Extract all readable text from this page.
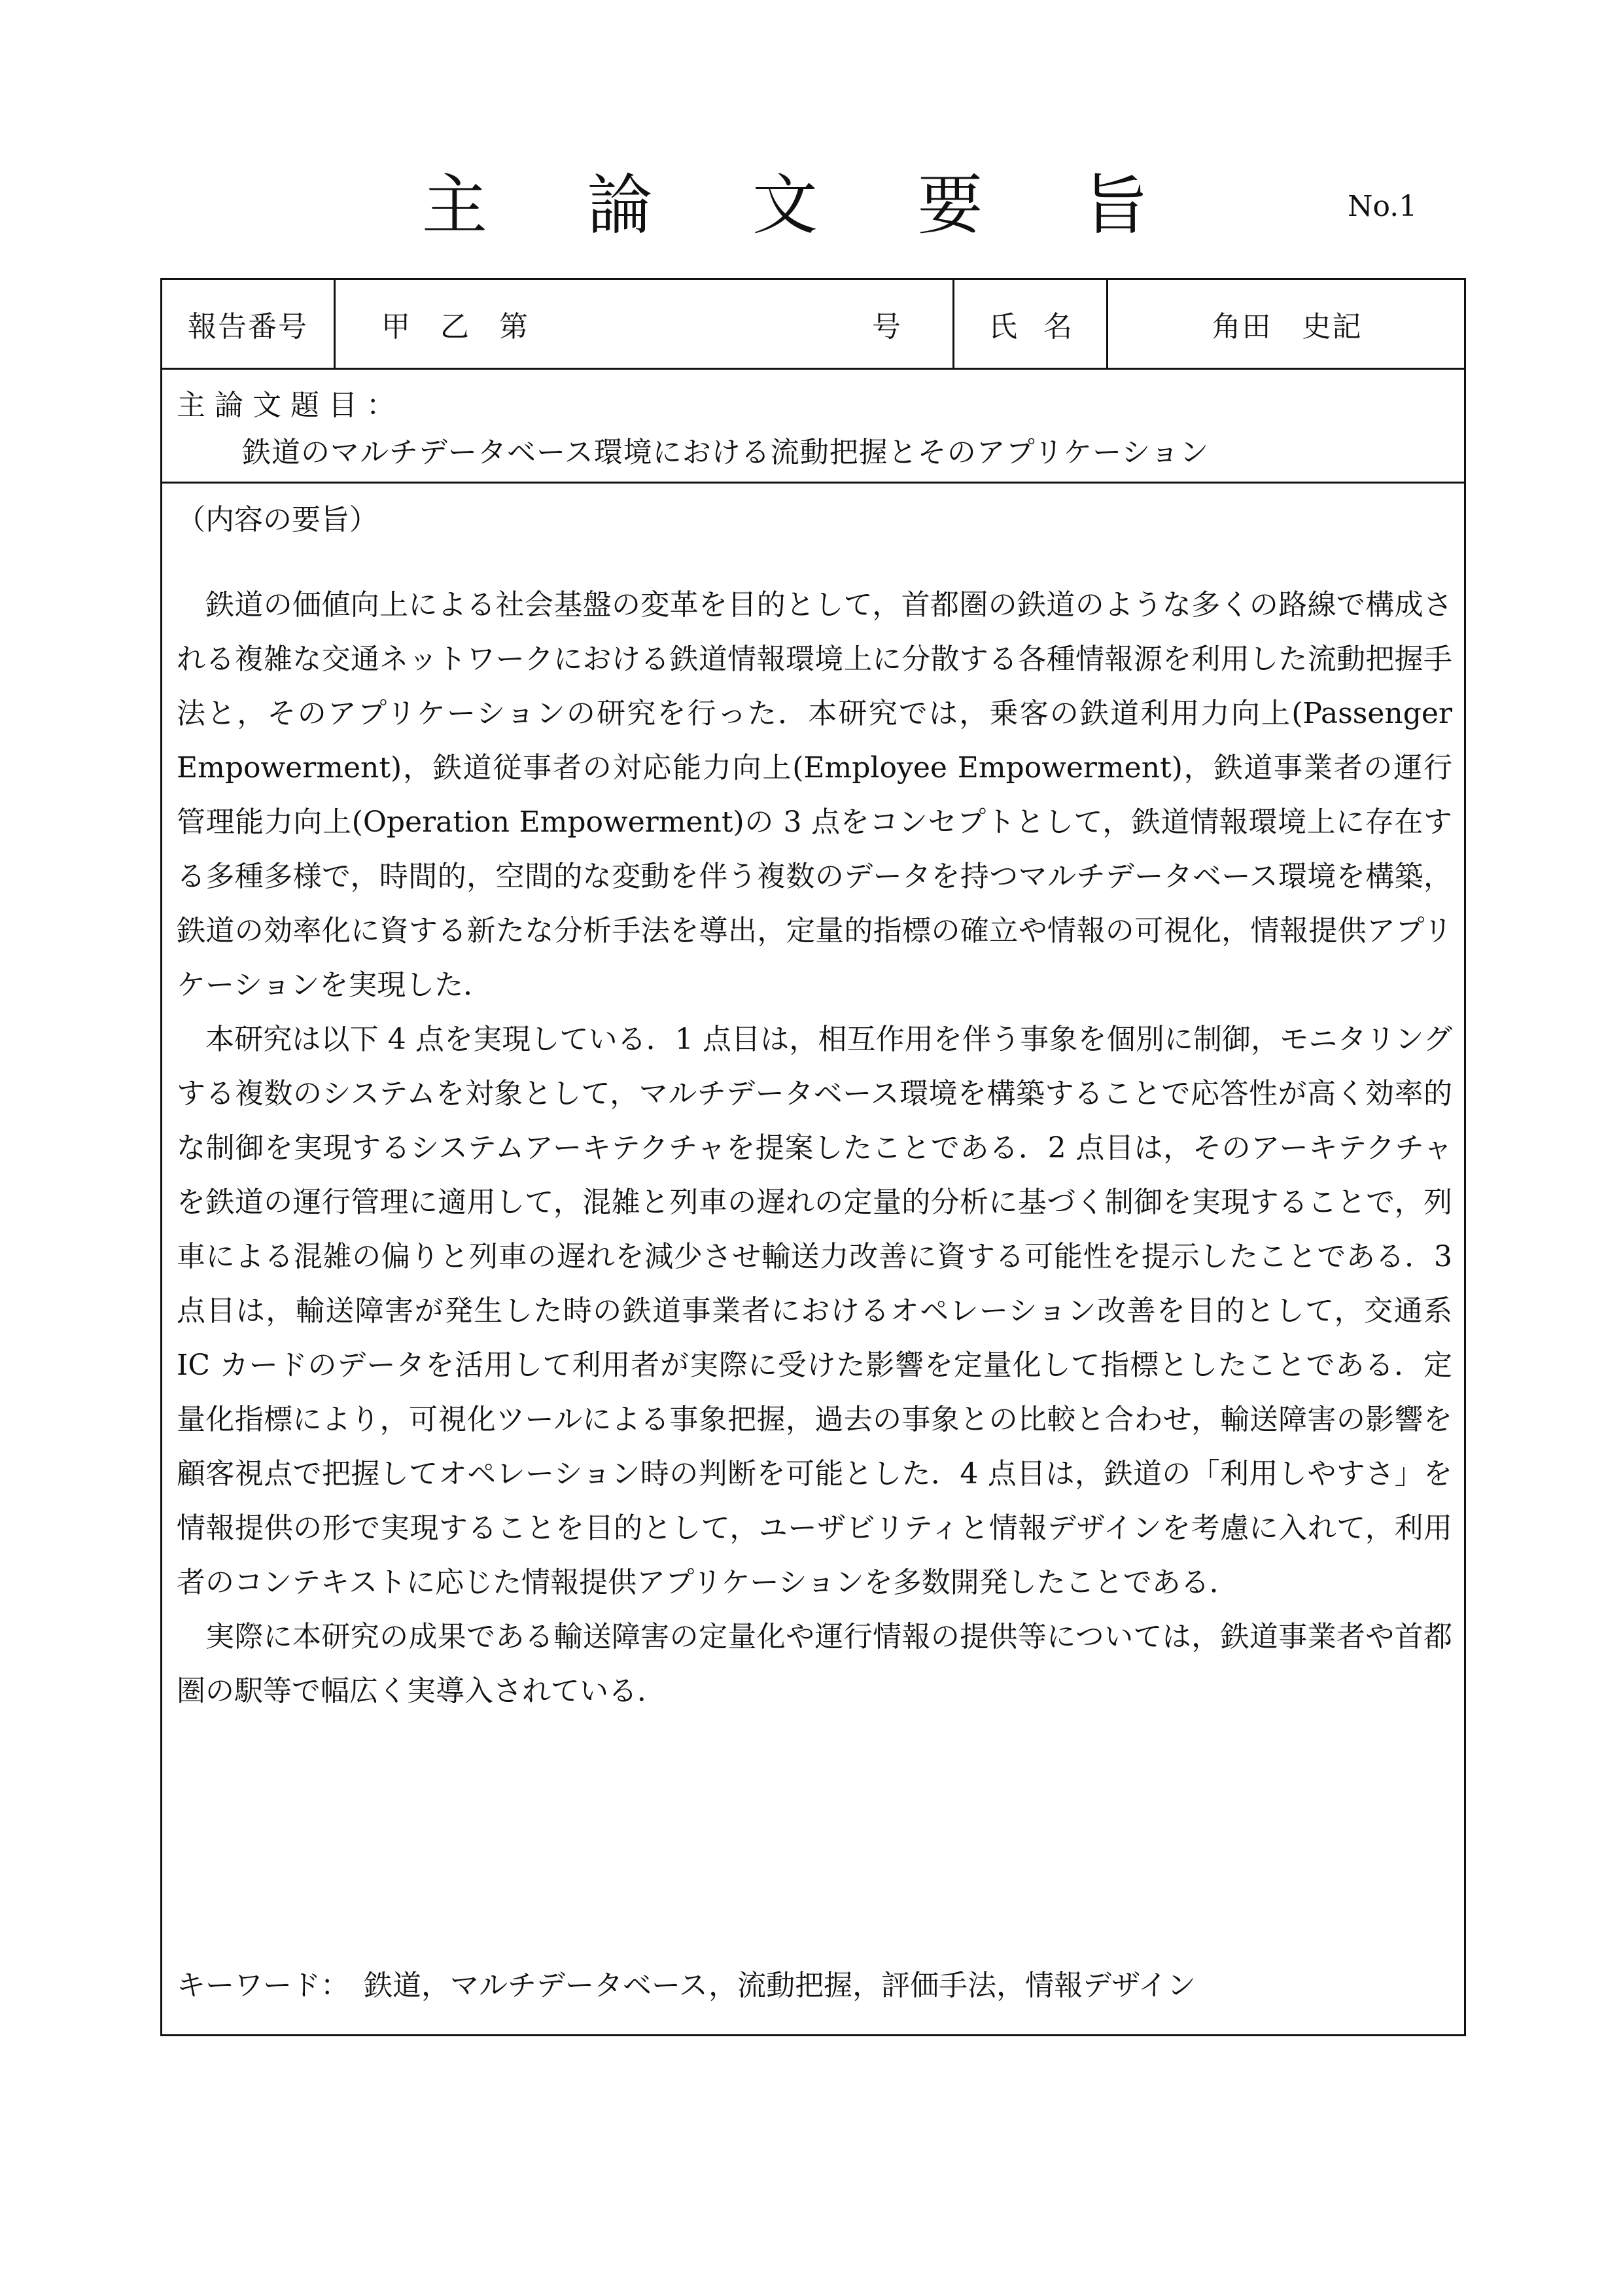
主 論 文 要 旨	No.1
報告番号	甲 乙 第	号	氏 名	角田　史記
主論文題目：
鉄道のマルチデータベース環境における流動把握とそのアプリケーション
（内容の要旨）

鉄道の価値向上による社会基盤の変革を目的として，首都圏の鉄道のような多くの路線で構成される複雑な交通ネットワークにおける鉄道情報環境上に分散する各種情報源を利用した流動把握手法と，そのアプリケーションの研究を行った．本研究では，乗客の鉄道利用力向上(Passenger Empowerment)，鉄道従事者の対応能力向上(Employee Empowerment)，鉄道事業者の運行管理能力向上(Operation Empowerment)の 3 点をコンセプトとして，鉄道情報環境上に存在する多種多様で，時間的，空間的な変動を伴う複数のデータを持つマルチデータベース環境を構築，鉄道の効率化に資する新たな分析手法を導出，定量的指標の確立や情報の可視化，情報提供アプリケーションを実現した．

本研究は以下 4 点を実現している．1 点目は，相互作用を伴う事象を個別に制御，モニタリングする複数のシステムを対象として，マルチデータベース環境を構築することで応答性が高く効率的な制御を実現するシステムアーキテクチャを提案したことである．2 点目は，そのアーキテクチャを鉄道の運行管理に適用して，混雑と列車の遅れの定量的分析に基づく制御を実現することで，列車による混雑の偏りと列車の遅れを減少させ輸送力改善に資する可能性を提示したことである．3 点目は，輸送障害が発生した時の鉄道事業者におけるオペレーション改善を目的として，交通系 IC カードのデータを活用して利用者が実際に受けた影響を定量化して指標としたことである．定量化指標により，可視化ツールによる事象把握，過去の事象との比較と合わせ，輸送障害の影響を顧客視点で把握してオペレーション時の判断を可能とした．4 点目は，鉄道の「利用しやすさ」を情報提供の形で実現することを目的として，ユーザビリティと情報デザインを考慮に入れて，利用者のコンテキストに応じた情報提供アプリケーションを多数開発したことである．

実際に本研究の成果である輸送障害の定量化や運行情報の提供等については，鉄道事業者や首都圏の駅等で幅広く実導入されている．

キーワード： 鉄道，マルチデータベース，流動把握，評価手法，情報デザイン
